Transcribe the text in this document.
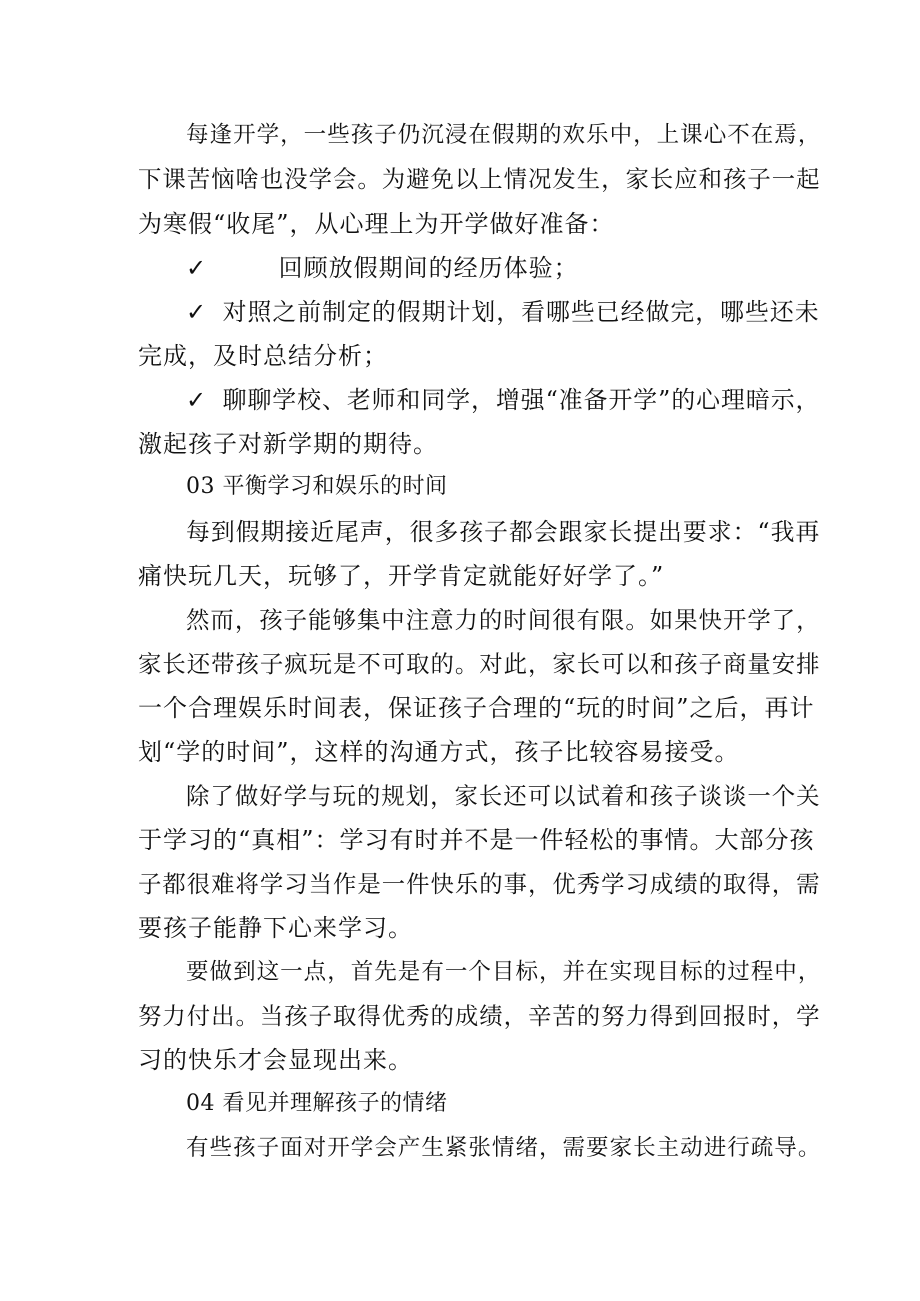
每逢开学，一些孩子仍沉浸在假期的欢乐中，上课心不在焉，
下课苦恼啥也没学会。为避免以上情况发生，家长应和孩子一起
为寒假“收尾”，从心理上为开学做好准备：
✓	回顾放假期间的经历体验；
✓ 对照之前制定的假期计划，看哪些已经做完，哪些还未
完成，及时总结分析；
✓ 聊聊学校、老师和同学，增强“准备开学”的心理暗示，
激起孩子对新学期的期待。
03 平衡学习和娱乐的时间
每到假期接近尾声，很多孩子都会跟家长提出要求：“我再
痛快玩几天，玩够了，开学肯定就能好好学了。”
然而，孩子能够集中注意力的时间很有限。如果快开学了，
家长还带孩子疯玩是不可取的。对此，家长可以和孩子商量安排
一个合理娱乐时间表，保证孩子合理的“玩的时间”之后，再计
划“学的时间”，这样的沟通方式，孩子比较容易接受。
除了做好学与玩的规划，家长还可以试着和孩子谈谈一个关
于学习的“真相”：学习有时并不是一件轻松的事情。大部分孩
子都很难将学习当作是一件快乐的事，优秀学习成绩的取得，需
要孩子能静下心来学习。
要做到这一点，首先是有一个目标，并在实现目标的过程中，
努力付出。当孩子取得优秀的成绩，辛苦的努力得到回报时，学
习的快乐才会显现出来。
04 看见并理解孩子的情绪
有些孩子面对开学会产生紧张情绪，需要家长主动进行疏导。
